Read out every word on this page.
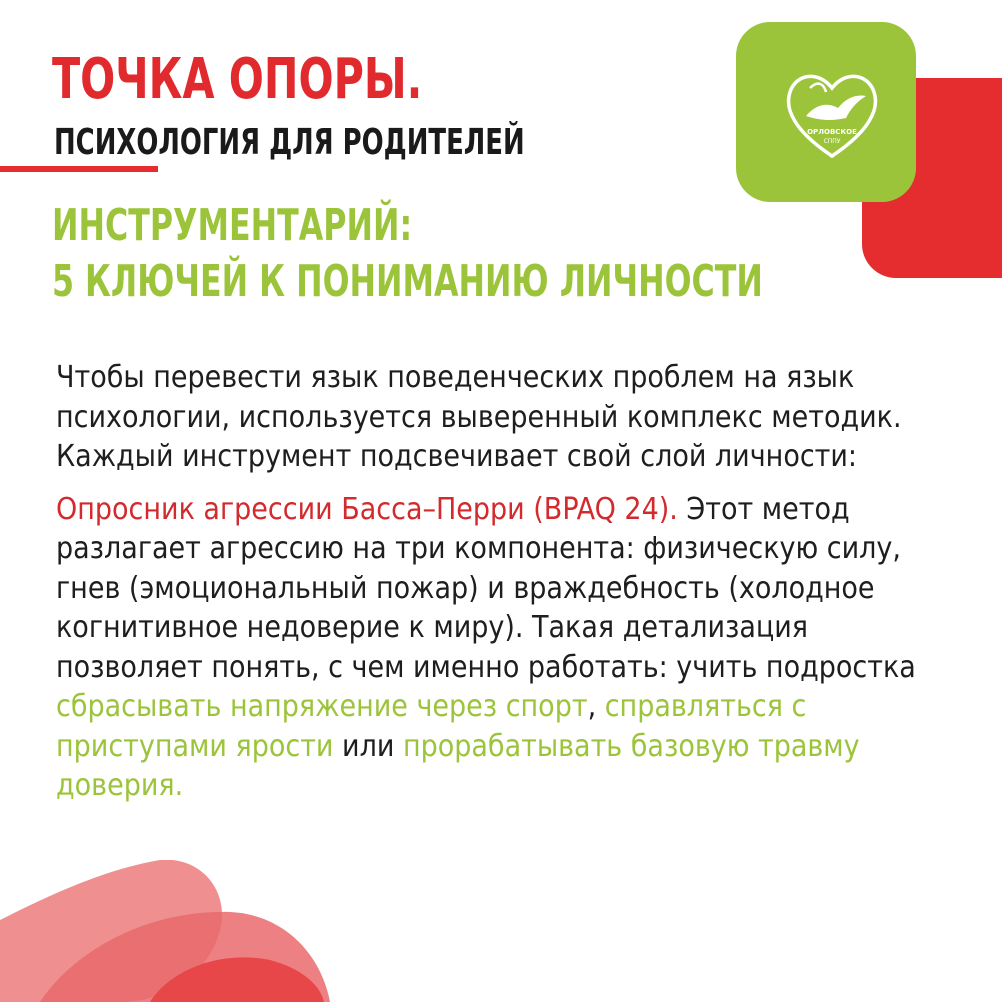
ОРЛОВСКОЕ
СППУ
ТОЧКА ОПОРЫ.
ПСИХОЛОГИЯ ДЛЯ РОДИТЕЛЕЙ
ИНСТРУМЕНТАРИЙ:
5 КЛЮЧЕЙ К ПОНИМАНИЮ ЛИЧНОСТИ

Чтобы перевести язык поведенческих проблем на язык психологии, используется выверенный комплекс методик. Каждый инструмент подсвечивает свой слой личности:

Опросник агрессии Басса–Перри (BPAQ 24). Этот метод разлагает агрессию на три компонента: физическую силу, гнев (эмоциональный пожар) и враждебность (холодное когнитивное недоверие к миру). Такая детализация позволяет понять, с чем именно работать: учить подростка сбрасывать напряжение через спорт, справляться с приступами ярости или прорабатывать базовую травму доверия.
